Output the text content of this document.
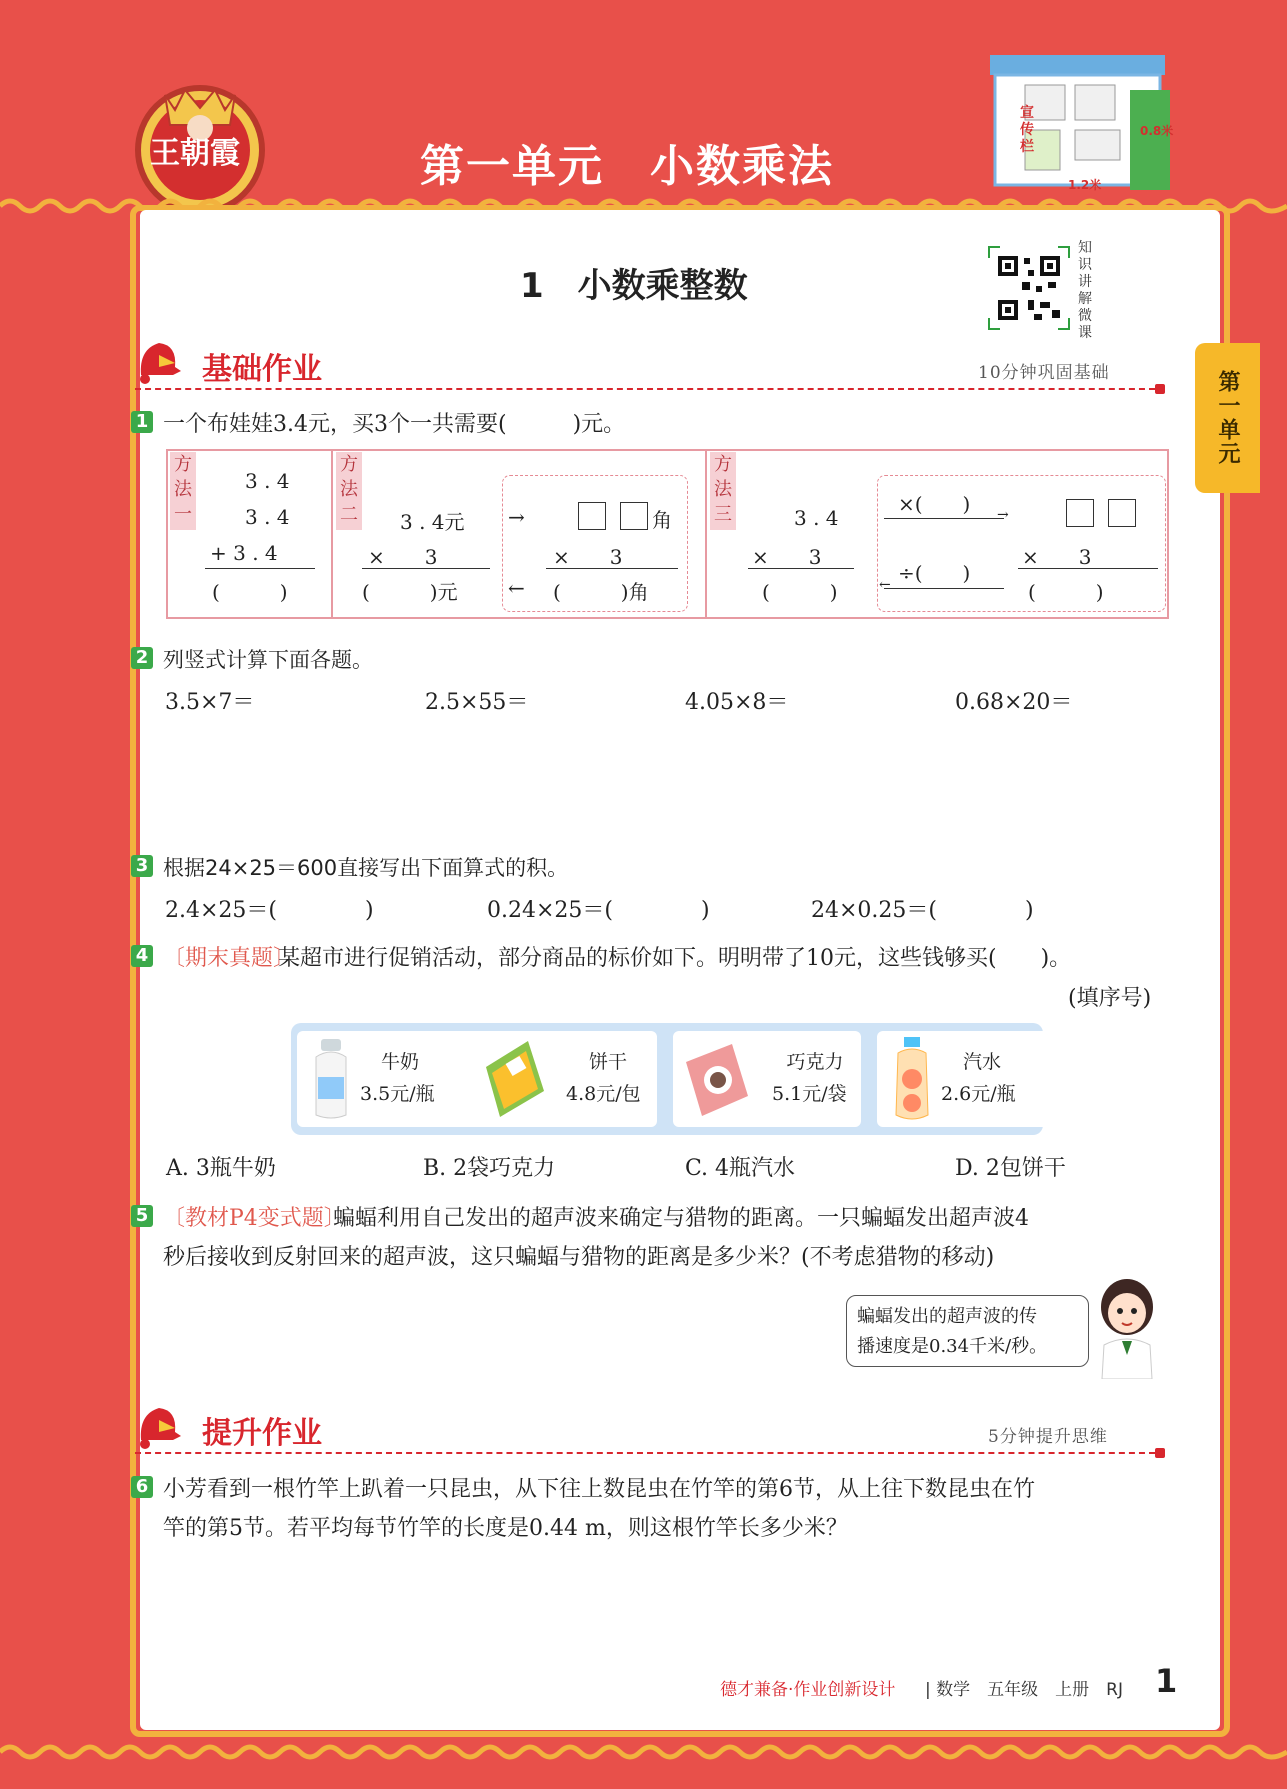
王朝霞	第一单元　小数乘法
宣传栏
0.8米
1.2米
第一单元
1　小数乘整数
知识讲解微课
基础作业	10分钟巩固基础
1 一个布娃娃3.4元，买3个一共需要(　　　)元。
方法一
3 . 4
3 . 4
+ 3 . 4
(　　　)
方法二 3 . 4元
×　　3
(　　　)元
→
←
角
×　　3
(　　　)角
方法三	3 . 4
×　　3
(　　　)
×(　　) →
÷(　　)
←
×　　3
(　　　)
2 列竖式计算下面各题。
3.5×7＝	2.5×55＝	4.05×8＝	0.68×20＝
3 根据24×25＝600直接写出下面算式的积。
2.4×25＝(　　　　)	0.24×25＝(　　　　)	24×0.25＝(　　　　)
4 〔期末真题〕
某超市进行促销活动，部分商品的标价如下。明明带了10元，这些钱够买(　　)。
(填序号)
牛奶
3.5元/瓶
饼干
4.8元/包
巧克力
5.1元/袋
汽水
2.6元/瓶
A. 3瓶牛奶	B. 2袋巧克力	C. 4瓶汽水	D. 2包饼干
5 〔教材P4变式题〕
蝙蝠利用自己发出的超声波来确定与猎物的距离。一只蝙蝠发出超声波4
秒后接收到反射回来的超声波，这只蝙蝠与猎物的距离是多少米？(不考虑猎物的移动)
蝙蝠发出的超声波的传
播速度是0.34千米/秒。
提升作业	5分钟提升思维
6 小芳看到一根竹竿上趴着一只昆虫，从下往上数昆虫在竹竿的第6节，从上往下数昆虫在竹
竿的第5节。若平均每节竹竿的长度是0.44 m，则这根竹竿长多少米？
德才兼备·作业创新设计 | 数学　五年级　上册　RJ 1
